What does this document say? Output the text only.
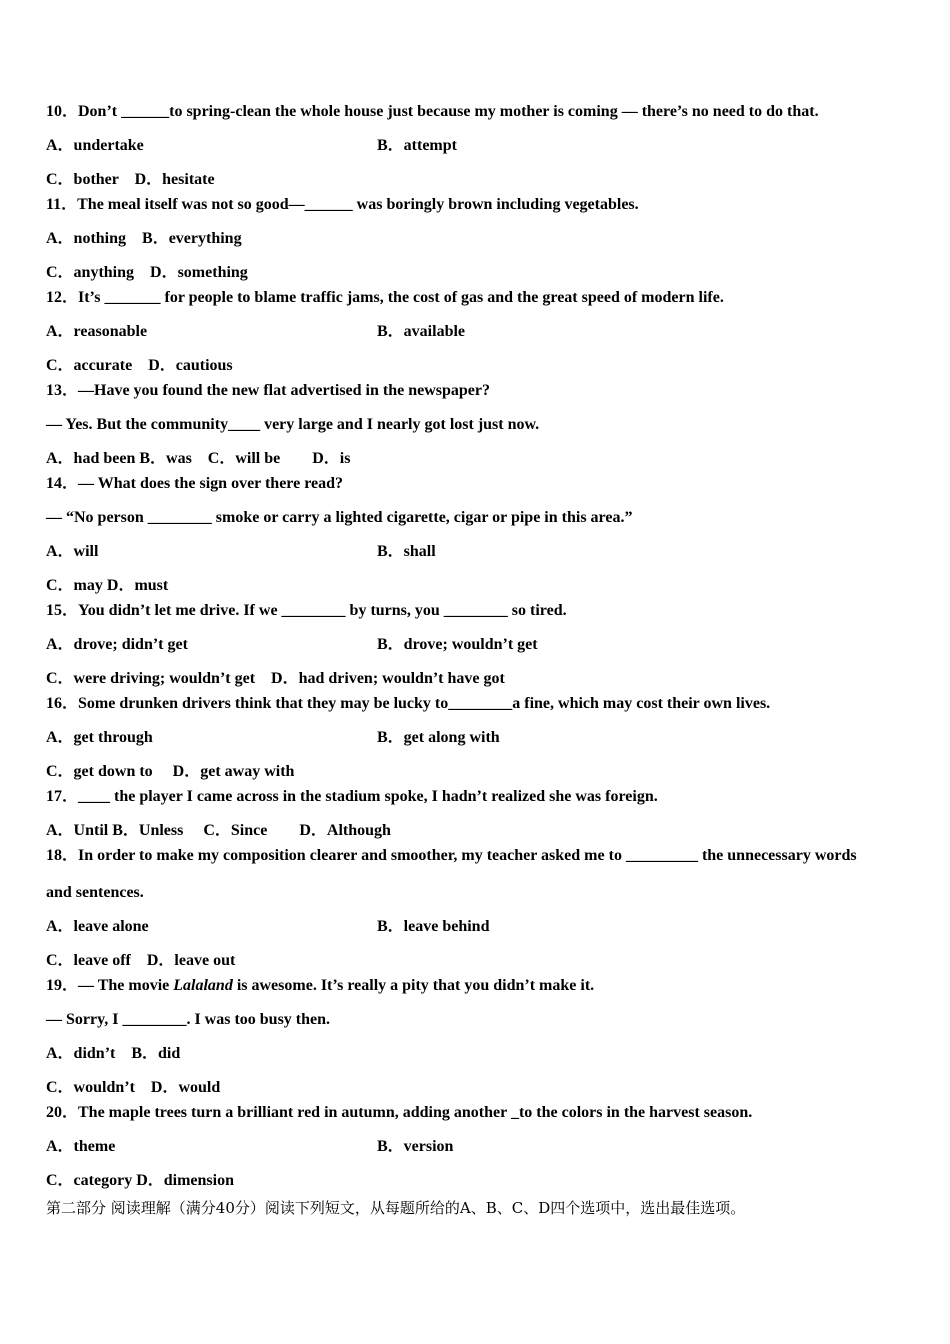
10．Don’t ______to spring-clean the whole house just because my mother is coming — there’s no need to do that.
A．undertake	B．attempt
C．bother　D．hesitate
11．The meal itself was not so good—______ was boringly brown including vegetables.
A．nothing　B．everything
C．anything　D．something
12．It’s _______ for people to blame traffic jams, the cost of gas and the great speed of modern life.
A．reasonable	B．available
C．accurate　D．cautious
13．—Have you found the new flat advertised in the newspaper?
— Yes. But the community____ very large and I nearly got lost just now.
A．had been B．was　C．will be　　D．is
14．— What does the sign over there read?
— “No person ________ smoke or carry a lighted cigarette, cigar or pipe in this area.”
A．will	B．shall
C．may D．must
15．You didn’t let me drive. If we ________ by turns, you ________ so tired.
A．drove; didn’t get	B．drove; wouldn’t get
C．were driving; wouldn’t get　D．had driven; wouldn’t have got
16．Some drunken drivers think that they may be lucky to________a fine, which may cost their own lives.
A．get through	B．get along with
C．get down to　 D．get away with
17．____ the player I came across in the stadium spoke, I hadn’t realized she was foreign.
A．Until B．Unless　 C．Since　　D．Although
18．In order to make my composition clearer and smoother, my teacher asked me to _________ the unnecessary words
and sentences.
A．leave alone	B．leave behind
C．leave off　D．leave out
19．— The movie Lalaland is awesome. It’s really a pity that you didn’t make it.
— Sorry, I ________. I was too busy then.
A．didn’t　B．did
C．wouldn’t　D．would
20．The maple trees turn a brilliant red in autumn, adding another _to the colors in the harvest season.
A．theme	B．version
C．category D．dimension
第二部分 阅读理解（满分40分）阅读下列短文，从每题所给的A、B、C、D四个选项中，选出最佳选项。
